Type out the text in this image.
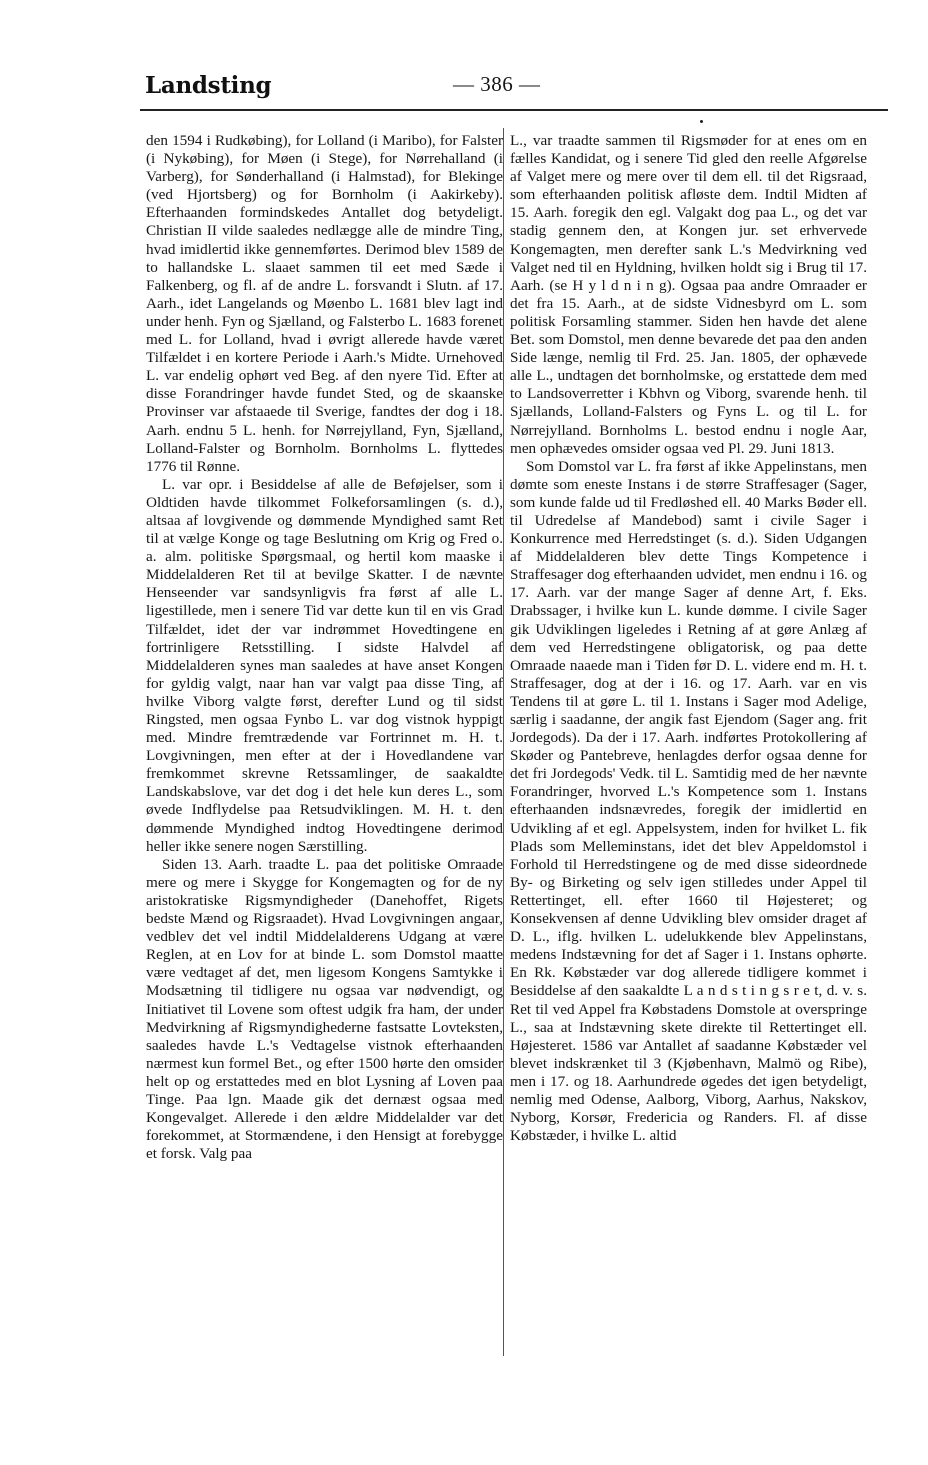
Landsting	— 386 —

den 1594 i Rudkøbing), for Lolland (i Maribo), for Falster (i Nykøbing), for Møen (i Stege), for Nørrehalland (i Varberg), for Sønderhalland (i Halmstad), for Blekinge (ved Hjortsberg) og for Bornholm (i Aakirkeby). Efterhaanden formindskedes Antallet dog betydeligt. Christian II vilde saaledes nedlægge alle de mindre Ting, hvad imidlertid ikke gennemførtes. Derimod blev 1589 de to hallandske L. slaaet sammen til eet med Sæde i Falkenberg, og fl. af de andre L. forsvandt i Slutn. af 17. Aarh., idet Langelands og Møenbo L. 1681 blev lagt ind under henh. Fyn og Sjælland, og Falsterbo L. 1683 forenet med L. for Lolland, hvad i øvrigt allerede havde været Tilfældet i en kortere Periode i Aarh.'s Midte. Urnehoved L. var endelig ophørt ved Beg. af den nyere Tid. Efter at disse Forandringer havde fundet Sted, og de skaanske Provinser var afstaaede til Sverige, fandtes der dog i 18. Aarh. endnu 5 L. henh. for Nørrejylland, Fyn, Sjælland, Lolland-Falster og Bornholm. Bornholms L. flyttedes 1776 til Rønne.

L. var opr. i Besiddelse af alle de Beføjelser, som i Oldtiden havde tilkommet Folkeforsamlingen (s. d.), altsaa af lovgivende og dømmende Myndighed samt Ret til at vælge Konge og tage Beslutning om Krig og Fred o. a. alm. politiske Spørgsmaal, og hertil kom maaske i Middelalderen Ret til at bevilge Skatter. I de nævnte Henseender var sandsynligvis fra først af alle L. ligestillede, men i senere Tid var dette kun til en vis Grad Tilfældet, idet der var indrømmet Hovedtingene en fortrinligere Retsstilling. I sidste Halvdel af Middelalderen synes man saaledes at have anset Kongen for gyldig valgt, naar han var valgt paa disse Ting, af hvilke Viborg valgte først, derefter Lund og til sidst Ringsted, men ogsaa Fynbo L. var dog vistnok hyppigt med. Mindre fremtrædende var Fortrinnet m. H. t. Lovgivningen, men efter at der i Hovedlandene var fremkommet skrevne Retssamlinger, de saakaldte Landskabslove, var det dog i det hele kun deres L., som øvede Indflydelse paa Retsudviklingen. M. H. t. den dømmende Myndighed indtog Hovedtingene derimod heller ikke senere nogen Særstilling.

Siden 13. Aarh. traadte L. paa det politiske Omraade mere og mere i Skygge for Kongemagten og for de ny aristokratiske Rigsmyndigheder (Danehoffet, Rigets bedste Mænd og Rigsraadet). Hvad Lovgivningen angaar, vedblev det vel indtil Middelalderens Udgang at være Reglen, at en Lov for at binde L. som Domstol maatte være vedtaget af det, men ligesom Kongens Samtykke i Modsætning til tidligere nu ogsaa var nødvendigt, og Initiativet til Lovene som oftest udgik fra ham, der under Medvirkning af Rigsmyndighederne fastsatte Lovteksten, saaledes havde L.'s Vedtagelse vistnok efterhaanden nærmest kun formel Bet., og efter 1500 hørte den omsider helt op og erstattedes med en blot Lysning af Loven paa Tinge. Paa lgn. Maade gik det dernæst ogsaa med Kongevalget. Allerede i den ældre Middelalder var det forekommet, at Stormændene, i den Hensigt at forebygge et forsk. Valg paa

L., var traadte sammen til Rigsmøder for at enes om en fælles Kandidat, og i senere Tid gled den reelle Afgørelse af Valget mere og mere over til dem ell. til det Rigsraad, som efterhaanden politisk afløste dem. Indtil Midten af 15. Aarh. foregik den egl. Valgakt dog paa L., og det var stadig gennem den, at Kongen jur. set erhvervede Kongemagten, men derefter sank L.'s Medvirkning ved Valget ned til en Hyldning, hvilken holdt sig i Brug til 17. Aarh. (se H y l d n i n g). Ogsaa paa andre Omraader er det fra 15. Aarh., at de sidste Vidnesbyrd om L. som politisk Forsamling stammer. Siden hen havde det alene Bet. som Domstol, men denne bevarede det paa den anden Side længe, nemlig til Frd. 25. Jan. 1805, der ophævede alle L., undtagen det bornholmske, og erstattede dem med to Landsoverretter i Kbhvn og Viborg, svarende henh. til Sjællands, Lolland-Falsters og Fyns L. og til L. for Nørrejylland. Bornholms L. bestod endnu i nogle Aar, men ophævedes omsider ogsaa ved Pl. 29. Juni 1813.

Som Domstol var L. fra først af ikke Appelinstans, men dømte som eneste Instans i de større Straffesager (Sager, som kunde falde ud til Fredløshed ell. 40 Marks Bøder ell. til Udredelse af Mandebod) samt i civile Sager i Konkurrence med Herredstinget (s. d.). Siden Udgangen af Middelalderen blev dette Tings Kompetence i Straffesager dog efterhaanden udvidet, men endnu i 16. og 17. Aarh. var der mange Sager af denne Art, f. Eks. Drabssager, i hvilke kun L. kunde dømme. I civile Sager gik Udviklingen ligeledes i Retning af at gøre Anlæg af dem ved Herredstingene obligatorisk, og paa dette Omraade naaede man i Tiden før D. L. videre end m. H. t. Straffesager, dog at der i 16. og 17. Aarh. var en vis Tendens til at gøre L. til 1. Instans i Sager mod Adelige, særlig i saadanne, der angik fast Ejendom (Sager ang. frit Jordegods). Da der i 17. Aarh. indførtes Protokollering af Skøder og Pantebreve, henlagdes derfor ogsaa denne for det fri Jordegods' Vedk. til L. Samtidig med de her nævnte Forandringer, hvorved L.'s Kompetence som 1. Instans efterhaanden indsnævredes, foregik der imidlertid en Udvikling af et egl. Appelsystem, inden for hvilket L. fik Plads som Melleminstans, idet det blev Appeldomstol i Forhold til Herredstingene og de med disse sideordnede By- og Birketing og selv igen stilledes under Appel til Rettertinget, ell. efter 1660 til Højesteret; og Konsekvensen af denne Udvikling blev omsider draget af D. L., iflg. hvilken L. udelukkende blev Appelinstans, medens Indstævning for det af Sager i 1. Instans ophørte. En Rk. Købstæder var dog allerede tidligere kommet i Besiddelse af den saakaldte L a n d s t i n g s r e t, d. v. s. Ret til ved Appel fra Købstadens Domstole at overspringe L., saa at Indstævning skete direkte til Rettertinget ell. Højesteret. 1586 var Antallet af saadanne Købstæder vel blevet indskrænket til 3 (Kjøbenhavn, Malmö og Ribe), men i 17. og 18. Aarhundrede øgedes det igen betydeligt, nemlig med Odense, Aalborg, Viborg, Aarhus, Nakskov, Nyborg, Korsør, Fredericia og Randers. Fl. af disse Købstæder, i hvilke L. altid
